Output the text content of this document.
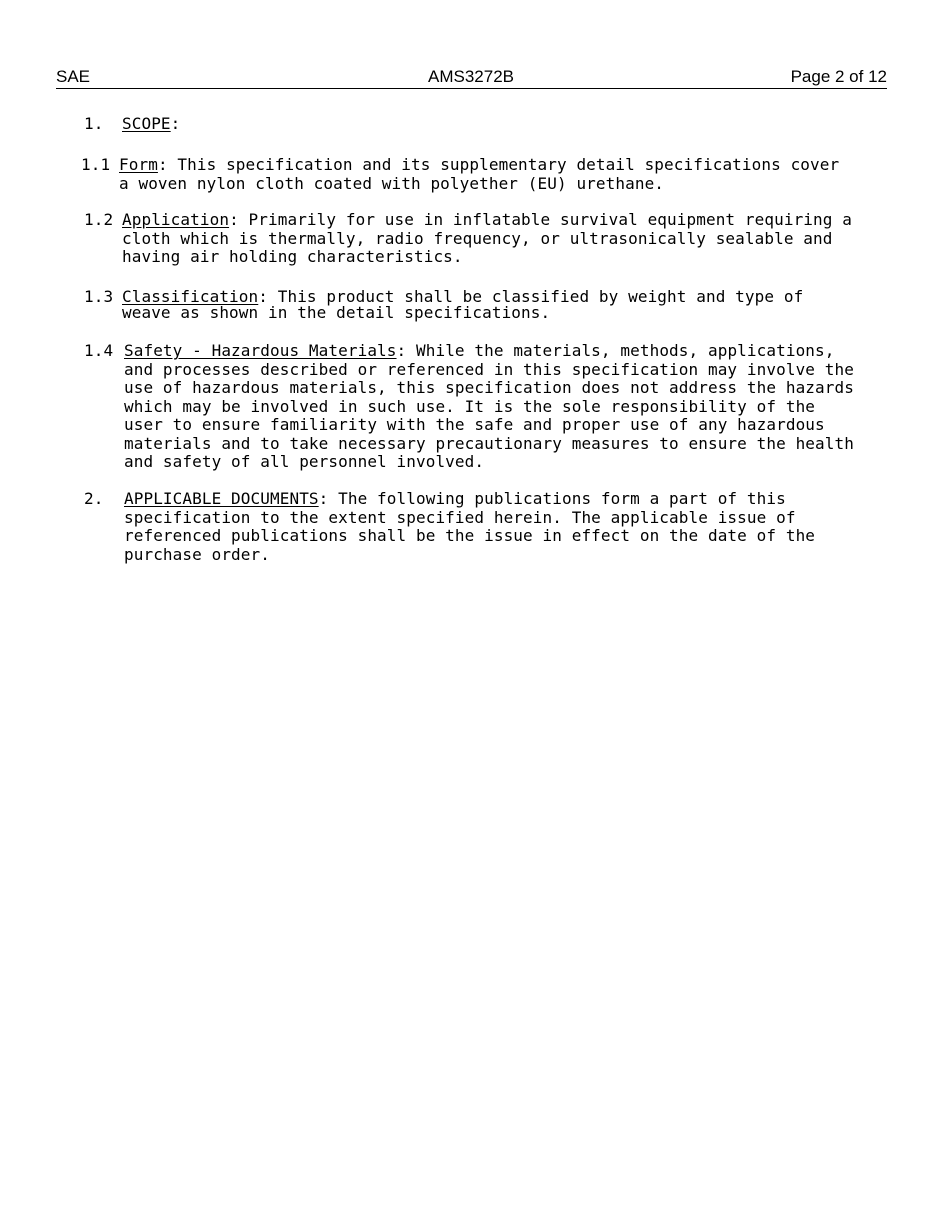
SAE	AMS3272B	Page 2 of 12
1. SCOPE:
1.1 Form: This specification and its supplementary detail specifications cover
a woven nylon cloth coated with polyether (EU) urethane.
1.2 Application: Primarily for use in inflatable survival equipment requiring a
cloth which is thermally, radio frequency, or ultrasonically sealable and
having air holding characteristics.
1.3 Classification: This product shall be classified by weight and type of
weave as shown in the detail specifications.
1.4 Safety - Hazardous Materials: While the materials, methods, applications,
and processes described or referenced in this specification may involve the
use of hazardous materials, this specification does not address the hazards
which may be involved in such use. It is the sole responsibility of the
user to ensure familiarity with the safe and proper use of any hazardous
materials and to take necessary precautionary measures to ensure the health
and safety of all personnel involved.
2. APPLICABLE DOCUMENTS: The following publications form a part of this
specification to the extent specified herein. The applicable issue of
referenced publications shall be the issue in effect on the date of the
purchase order.
